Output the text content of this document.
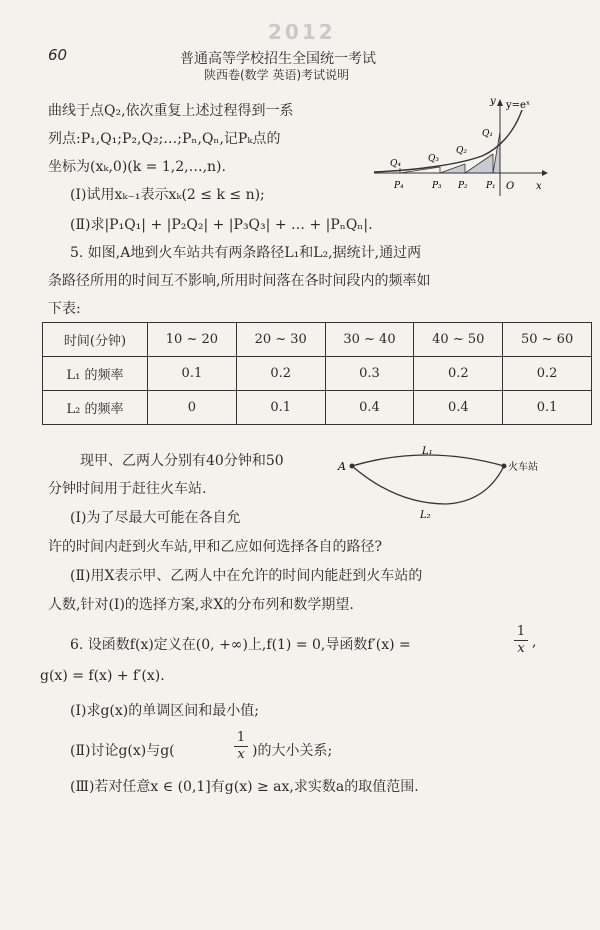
2012
60	普通高等学校招生全国统一考试
陕西卷(数学 英语)考试说明
曲线于点Q₂,依次重复上述过程得到一系
列点:P₁,Q₁;P₂,Q₂;…;Pₙ,Qₙ,记Pₖ点的
坐标为(xₖ,0)(k = 1,2,…,n).
(Ⅰ)试用xₖ₋₁表示xₖ(2 ≤ k ≤ n);
(Ⅱ)求|P₁Q₁| + |P₂Q₂| + |P₃Q₃| + … + |PₙQₙ|.
y=eˣ
y
x
O
Q₄	Q₃
Q₂
Q₁
P₄	P₃ P₂ P₁
5. 如图,A地到火车站共有两条路径L₁和L₂,据统计,通过两
条路径所用的时间互不影响,所用时间落在各时间段内的频率如
下表:
时间(分钟)	10 ~ 20	20 ~ 30	30 ~ 40	40 ~ 50	50 ~ 60
L₁ 的频率	0.1	0.2	0.3	0.2	0.2
L₂ 的频率	0	0.1	0.4	0.4	0.1
现甲、乙两人分别有40分钟和50
分钟时间用于赶往火车站.
(Ⅰ)为了尽最大可能在各自允
许的时间内赶到火车站,甲和乙应如何选择各自的路径?
(Ⅱ)用X表示甲、乙两人中在允许的时间内能赶到火车站的
人数,针对(Ⅰ)的选择方案,求X的分布列和数学期望.
A	火车站
L₁
L₂
6. 设函数f(x)定义在(0, +∞)上,f(1) = 0,导函数f′(x) =	$\frac{1}{x}$ ,
g(x) = f(x) + f′(x).
(Ⅰ)求g(x)的单调区间和最小值;
(Ⅱ)讨论g(x)与g(	$\frac{1}{x}$ )的大小关系;
(Ⅲ)若对任意x ∈ (0,1]有g(x) ≥ ax,求实数a的取值范围.
